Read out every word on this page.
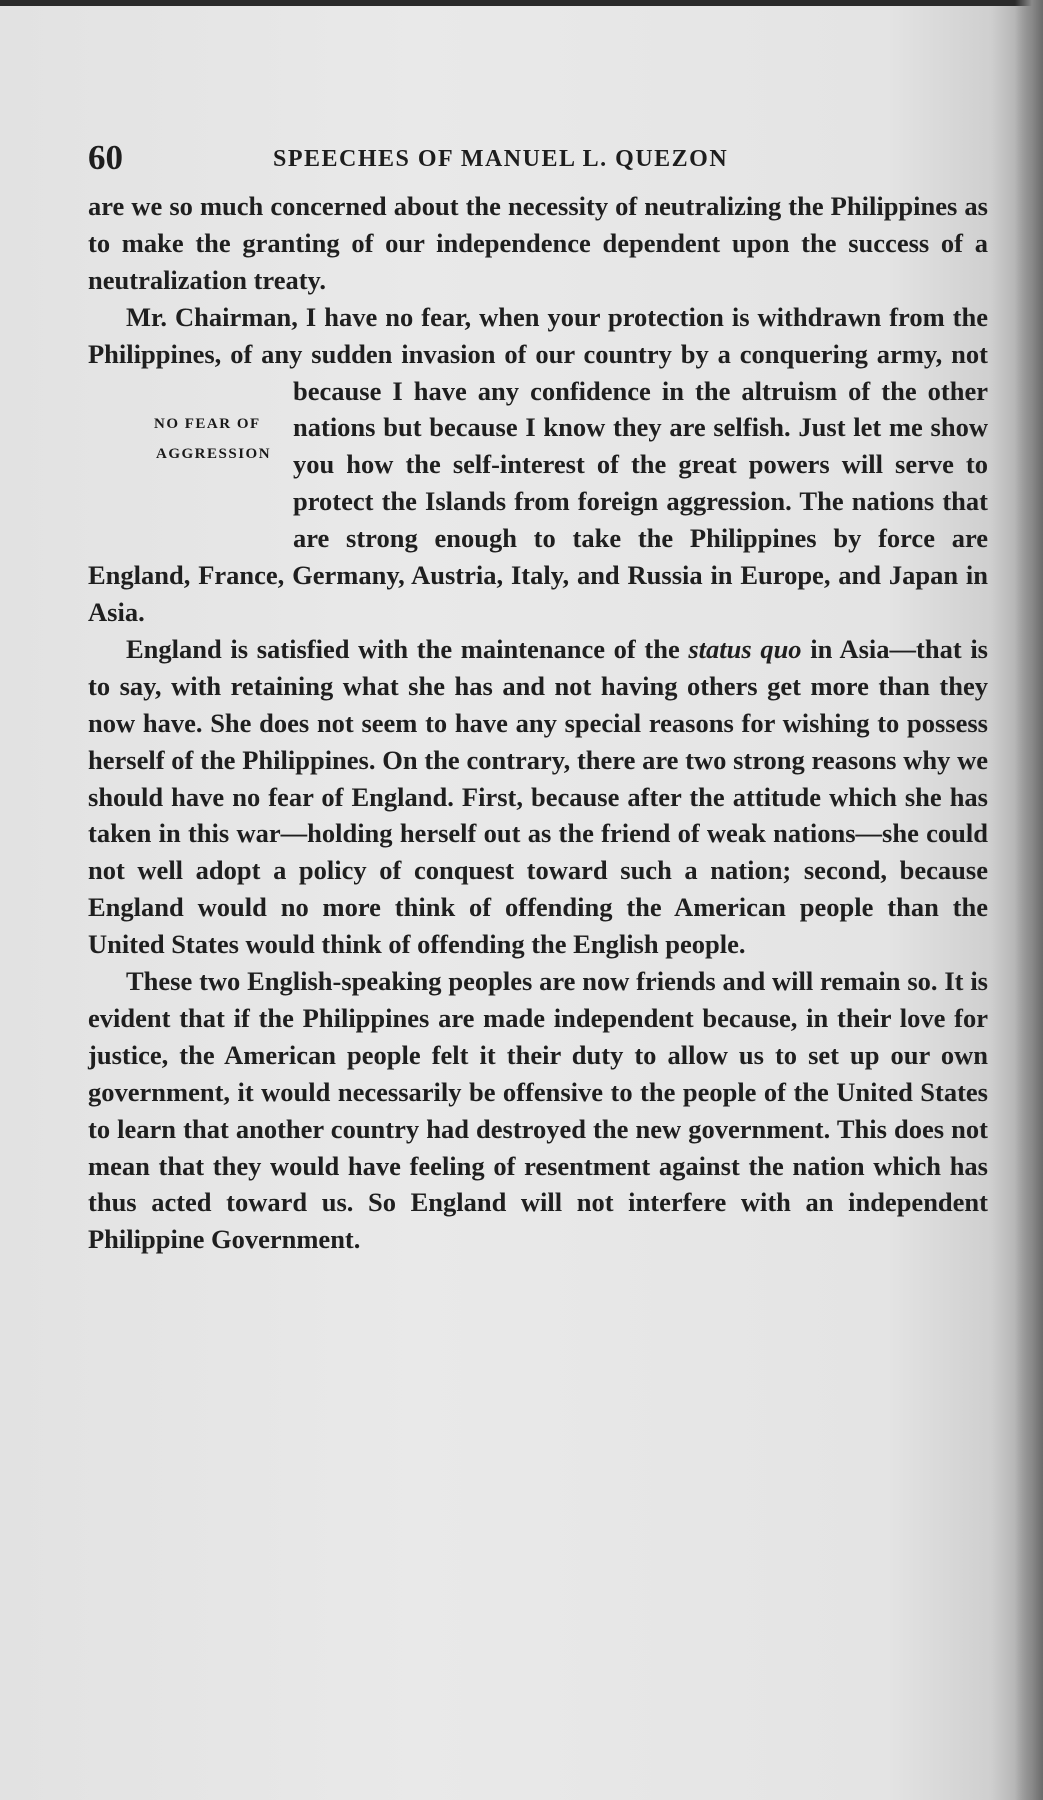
60	SPEECHES OF MANUEL L. QUEZON

are we so much concerned about the necessity of neutralizing the Philippines as to make the granting of our independence dependent upon the success of a neutralization treaty.

Mr. Chairman, I have no fear, when your protection is withdrawn from the Philippines, of any sudden invasion of our country by a conquering army, not because I have any
NO FEAR OF
AGGRESSION
confidence in the altruism of the other nations but because I know they are selfish. Just let me show you how the self-interest of the great powers will serve to protect the Islands from foreign aggression. The nations that are strong enough to take the Philippines by force are England, France, Germany, Austria, Italy, and Russia in Europe, and Japan in Asia.

England is satisfied with the maintenance of the status quo in Asia—that is to say, with retaining what she has and not having others get more than they now have. She does not seem to have any special reasons for wishing to possess herself of the Philippines. On the contrary, there are two strong reasons why we should have no fear of England. First, because after the attitude which she has taken in this war—holding herself out as the friend of weak nations—she could not well adopt a policy of conquest toward such a nation; second, because England would no more think of offending the American people than the United States would think of offending the English people.

These two English-speaking peoples are now friends and will remain so. It is evident that if the Philippines are made independent because, in their love for justice, the American people felt it their duty to allow us to set up our own government, it would necessarily be offensive to the people of the United States to learn that another country had destroyed the new government. This does not mean that they would have feeling of resentment against the nation which has thus acted toward us. So England will not interfere with an independent Philippine Government.
